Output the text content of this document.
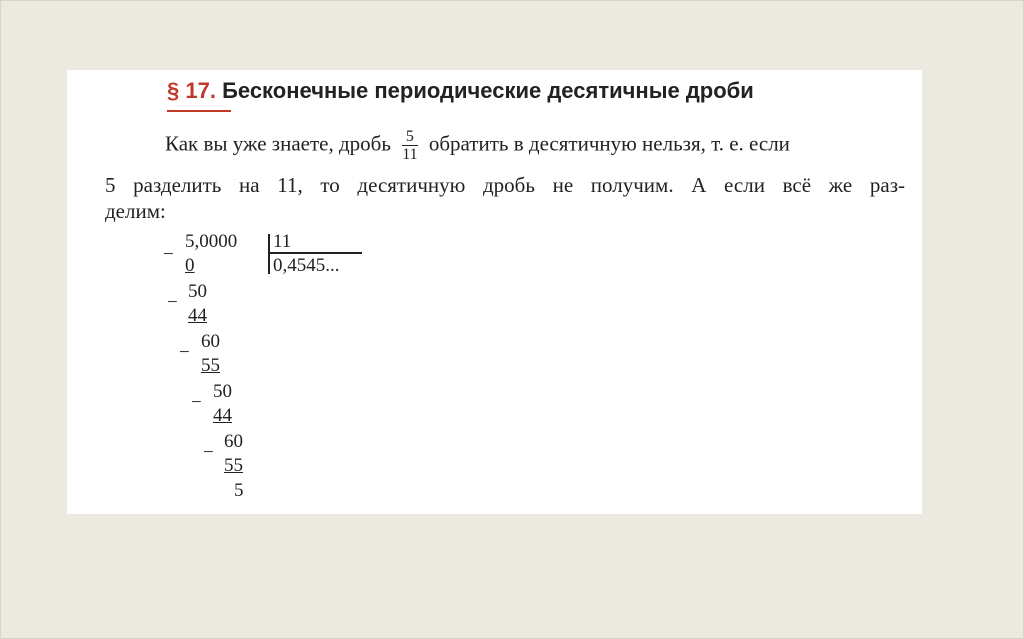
§ 17. Бесконечные периодические десятичные дроби
Как вы уже знаете, дробь $\frac{5}{11}$ обратить в десятичную нельзя, т. е. если
5 разделить на 11, то десятичную дробь не получим. А если всё же раз-
делим:
−
5,0000
0
11
0,4545...
−
50
44
−
60
55
−
50
44
−
60
55
5
